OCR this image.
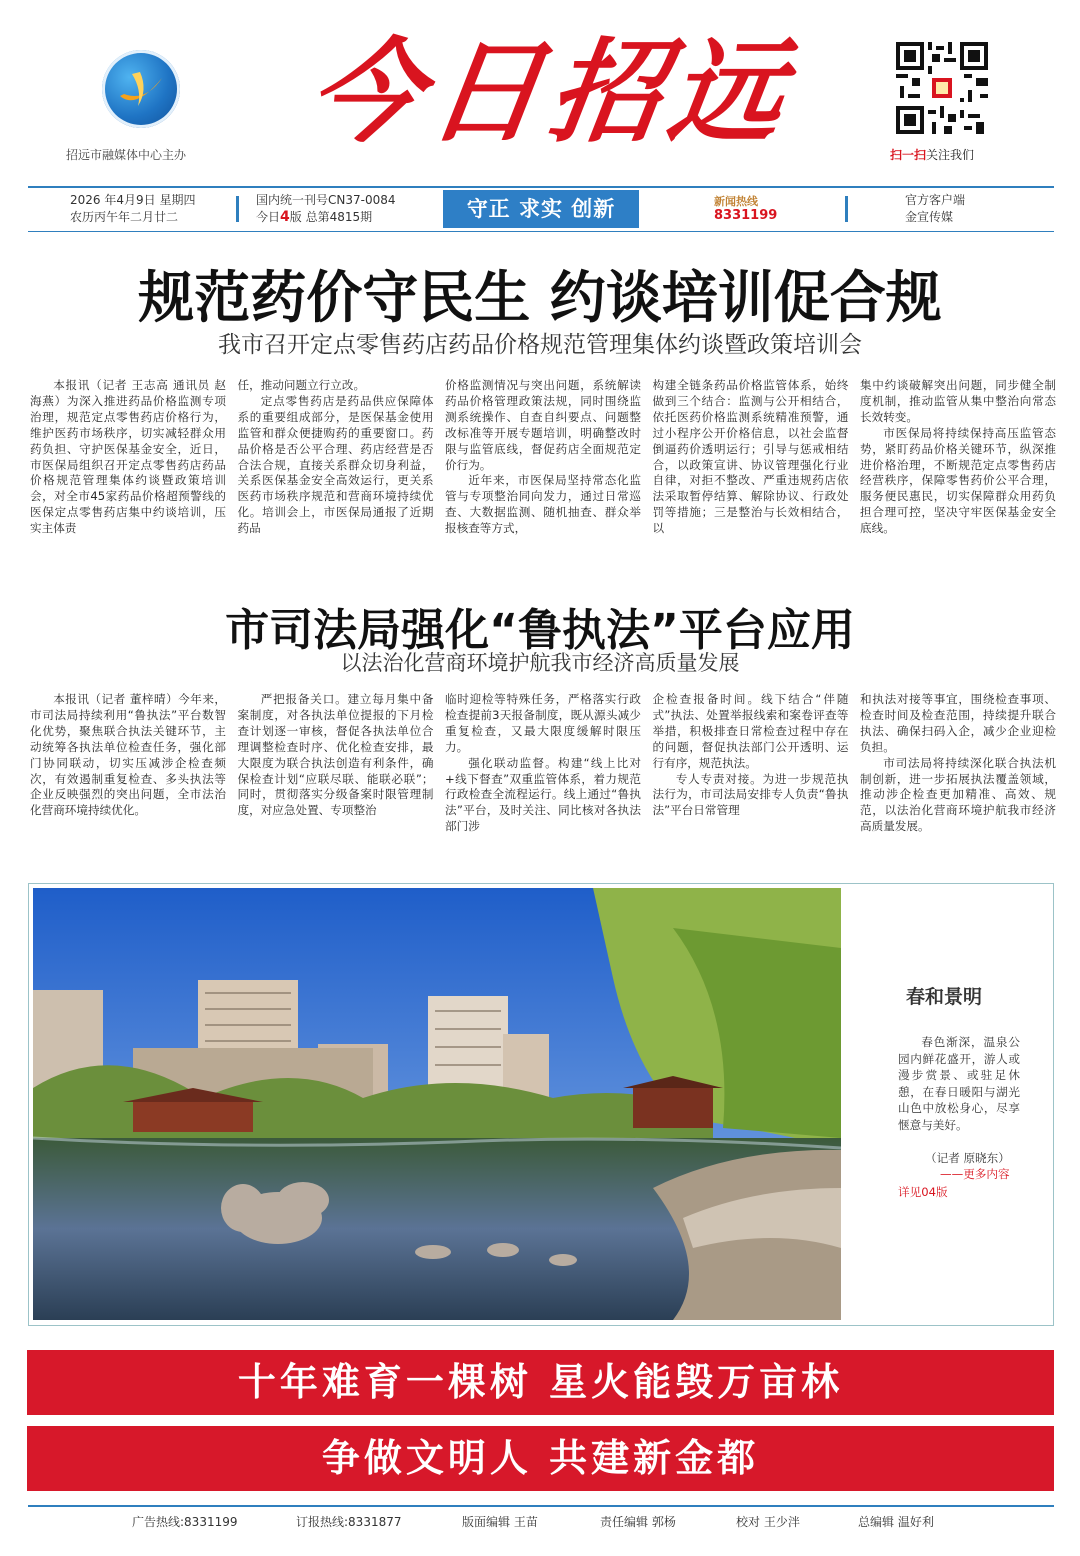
招远市融媒体中心主办	今日招远	扫一扫关注我们
2026 年4月9日 星期四
农历丙午年二月廿二
国内统一刊号CN37-0084
今日4版 总第4815期	守正 求实 创新	新闻热线
8331199
官方客户端
金宣传媒
规范药价守民生 约谈培训促合规
我市召开定点零售药店药品价格规范管理集体约谈暨政策培训会

本报讯（记者 王志高 通讯员 赵海燕）为深入推进药品价格监测专项治理，规范定点零售药店价格行为，维护医药市场秩序，切实减轻群众用药负担、守护医保基金安全，近日，市医保局组织召开定点零售药店药品价格规范管理集体约谈暨政策培训会，对全市45家药品价格超预警线的医保定点零售药店集中约谈培训，压实主体责

任，推动问题立行立改。

定点零售药店是药品供应保障体系的重要组成部分，是医保基金使用监管和群众便捷购药的重要窗口。药品价格是否公平合理、药店经营是否合法合规，直接关系群众切身利益，关系医保基金安全高效运行，更关系医药市场秩序规范和营商环境持续优化。培训会上，市医保局通报了近期药品

价格监测情况与突出问题，系统解读药品价格管理政策法规，同时围绕监测系统操作、自查自纠要点、问题整改标准等开展专题培训，明确整改时限与监管底线，督促药店全面规范定价行为。

近年来，市医保局坚持常态化监管与专项整治同向发力，通过日常巡查、大数据监测、随机抽查、群众举报核查等方式，

构建全链条药品价格监管体系，始终做到三个结合：监测与公开相结合，依托医药价格监测系统精准预警，通过小程序公开价格信息，以社会监督倒逼药价透明运行；引导与惩戒相结合，以政策宣讲、协议管理强化行业自律，对拒不整改、严重违规药店依法采取暂停结算、解除协议、行政处罚等措施；三是整治与长效相结合，以
集中约谈破解突出问题，同步健全制度机制，推动监管从集中整治向常态长效转变。

市医保局将持续保持高压监管态势，紧盯药品价格关键环节，纵深推进价格治理，不断规范定点零售药店经营秩序，保障零售药价公平合理，服务便民惠民，切实保障群众用药负担合理可控，坚决守牢医保基金安全底线。

市司法局强化“鲁执法”平台应用
以法治化营商环境护航我市经济高质量发展

本报讯（记者 董梓晴）今年来，市司法局持续利用“鲁执法”平台数智化优势，聚焦联合执法关键环节，主动统筹各执法单位检查任务，强化部门协同联动，切实压减涉企检查频次，有效遏制重复检查、多头执法等企业反映强烈的突出问题，全市法治化营商环境持续优化。

严把报备关口。建立每月集中备案制度，对各执法单位提报的下月检查计划逐一审核，督促各执法单位合理调整检查时序、优化检查安排，最大限度为联合执法创造有利条件，确保检查计划“应联尽联、能联必联”；同时，贯彻落实分级备案时限管理制度，对应急处置、专项整治

临时迎检等特殊任务，严格落实行政检查提前3天报备制度，既从源头减少重复检查，又最大限度缓解时限压力。

强化联动监督。构建“线上比对+线下督查”双重监管体系，着力规范行政检查全流程运行。线上通过“鲁执法”平台，及时关注、同比核对各执法部门涉

企检查报备时间。线下结合“伴随式”执法、处置举报线索和案卷评查等举措，积极排查日常检查过程中存在的问题，督促执法部门公开透明、运行有序，规范执法。

专人专责对接。为进一步规范执法行为，市司法局安排专人负责“鲁执法”平台日常管理

和执法对接等事宜，围绕检查事项、检查时间及检查范围，持续提升联合执法、确保扫码入企，减少企业迎检负担。

市司法局将持续深化联合执法机制创新，进一步拓展执法覆盖领域，推动涉企检查更加精准、高效、规范，以法治化营商环境护航我市经济高质量发展。

春和景明
春色渐深，温泉公园内鲜花盛开，游人或漫步赏景、或驻足休憩，在春日暖阳与湖光山色中放松身心，尽享惬意与美好。
（记者 原晓东）
——更多内容
详见04版
十年难育一棵树 星火能毁万亩林
争做文明人 共建新金都
广告热线:8331199	订报热线:8331877	版面编辑 王苗	责任编辑 郭杨	校对 王少泮	总编辑 温好利
